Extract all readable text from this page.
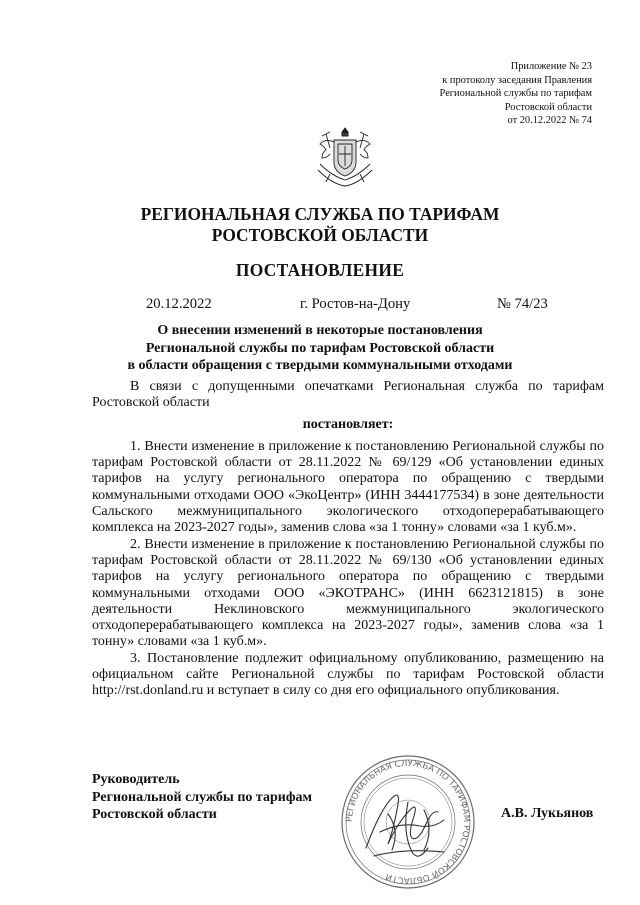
Приложение № 23
к протоколу заседания Правления
Региональной службы по тарифам
Ростовской области
от 20.12.2022 № 74
РЕГИОНАЛЬНАЯ СЛУЖБА ПО ТАРИФАМ
РОСТОВСКОЙ ОБЛАСТИ
ПОСТАНОВЛЕНИЕ
20.12.2022	г. Ростов-на-Дону	№ 74/23
О внесении изменений в некоторые постановления
Региональной службы по тарифам Ростовской области
в области обращения с твердыми коммунальными отходами

В связи с допущенными опечатками Региональная служба по тарифам Ростовской области

постановляет:

1. Внести изменение в приложение к постановлению Региональной службы по тарифам Ростовской области от 28.11.2022 № 69/129 «Об установлении единых тарифов на услугу регионального оператора по обращению с твердыми коммунальными отходами ООО «ЭкоЦентр» (ИНН 3444177534) в зоне деятельности Сальского межмуниципального экологического отходоперерабатывающего комплекса на 2023-2027 годы», заменив слова «за 1 тонну» словами «за 1 куб.м».

2. Внести изменение в приложение к постановлению Региональной службы по тарифам Ростовской области от 28.11.2022 № 69/130 «Об установлении единых тарифов на услугу регионального оператора по обращению с твердыми коммунальными отходами ООО «ЭКОТРАНС» (ИНН 6623121815) в зоне деятельности Неклиновского межмуниципального экологического отходоперерабатывающего комплекса на 2023-2027 годы», заменив слова «за 1 тонну» словами «за 1 куб.м».

3. Постановление подлежит официальному опубликованию, размещению на официальном сайте Региональной службы по тарифам Ростовской области http://rst.donland.ru и вступает в силу со дня его официального опубликования.

Руководитель
Региональной службы по тарифам
Ростовской области	РЕГИОНАЛЬНАЯ СЛУЖБА ПО ТАРИФАМ РОСТОВСКОЙ ОБЛАСТИ
А.В. Лукьянов
